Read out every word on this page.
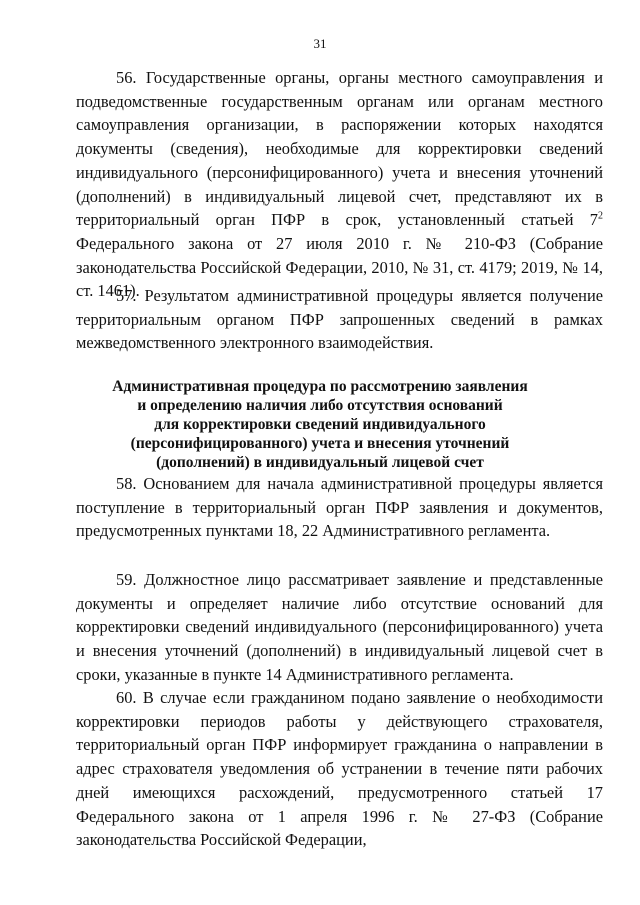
31

56. Государственные органы, органы местного самоуправления и подведомственные государственным органам или органам местного самоуправления организации, в распоряжении которых находятся документы (сведения), необходимые для корректировки сведений индивидуального (персонифицированного) учета и внесения уточнений (дополнений) в индивидуальный лицевой счет, представляют их в территориальный орган ПФР в срок, установленный статьей $7^2$ Федерального закона от 27 июля 2010 г. № 210-ФЗ (Собрание законодательства Российской Федерации, 2010, № 31, ст. 4179; 2019, № 14, ст. 1461).

57. Результатом административной процедуры является получение территориальным органом ПФР запрошенных сведений в рамках межведомственного электронного взаимодействия.

Административная процедура по рассмотрению заявления
и определению наличия либо отсутствия оснований
для корректировки сведений индивидуального
(персонифицированного) учета и внесения уточнений
(дополнений) в индивидуальный лицевой счет

58. Основанием для начала административной процедуры является поступление в территориальный орган ПФР заявления и документов, предусмотренных пунктами 18, 22 Административного регламента.

59. Должностное лицо рассматривает заявление и представленные документы и определяет наличие либо отсутствие оснований для корректировки сведений индивидуального (персонифицированного) учета и внесения уточнений (дополнений) в индивидуальный лицевой счет в сроки, указанные в пункте 14 Административного регламента.

60. В случае если гражданином подано заявление о необходимости корректировки периодов работы у действующего страхователя, территориальный орган ПФР информирует гражданина о направлении в адрес страхователя уведомления об устранении в течение пяти рабочих дней имеющихся расхождений, предусмотренного статьей 17 Федерального закона от 1 апреля 1996 г. № 27-ФЗ (Собрание законодательства Российской Федерации,
